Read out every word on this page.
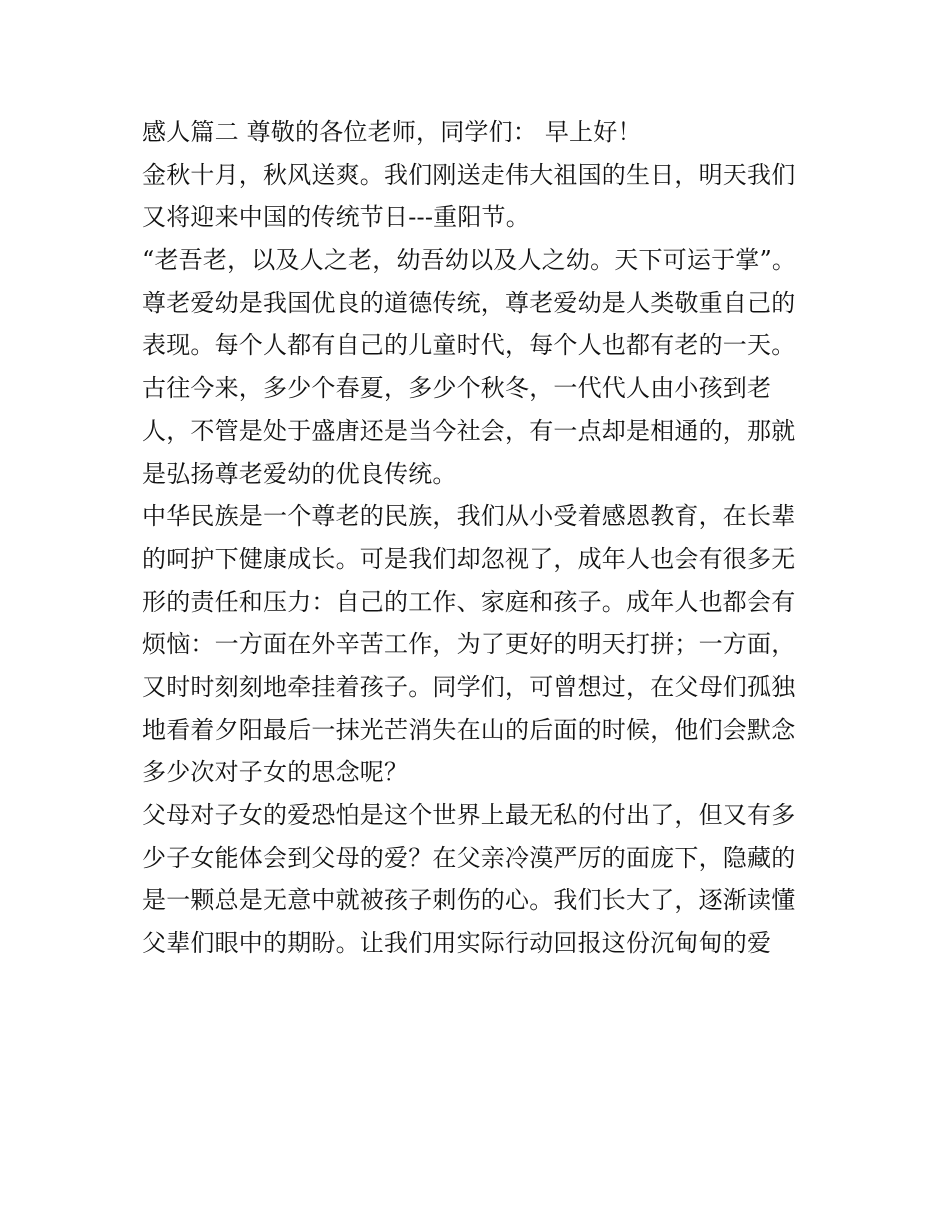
感人篇二 尊敬的各位老师，同学们： 早上好！
金秋十月，秋风送爽。我们刚送走伟大祖国的生日，明天我们
又将迎来中国的传统节日---重阳节。
“老吾老，以及人之老，幼吾幼以及人之幼。天下可运于掌”。
尊老爱幼是我国优良的道德传统，尊老爱幼是人类敬重自己的
表现。每个人都有自己的儿童时代，每个人也都有老的一天。
古往今来，多少个春夏，多少个秋冬，一代代人由小孩到老
人，不管是处于盛唐还是当今社会，有一点却是相通的，那就
是弘扬尊老爱幼的优良传统。
中华民族是一个尊老的民族，我们从小受着感恩教育，在长辈
的呵护下健康成长。可是我们却忽视了，成年人也会有很多无
形的责任和压力：自己的工作、家庭和孩子。成年人也都会有
烦恼：一方面在外辛苦工作，为了更好的明天打拼；一方面，
又时时刻刻地牵挂着孩子。同学们，可曾想过，在父母们孤独
地看着夕阳最后一抹光芒消失在山的后面的时候，他们会默念
多少次对子女的思念呢？
父母对子女的爱恐怕是这个世界上最无私的付出了，但又有多
少子女能体会到父母的爱？在父亲冷漠严厉的面庞下，隐藏的
是一颗总是无意中就被孩子刺伤的心。我们长大了，逐渐读懂
父辈们眼中的期盼。让我们用实际行动回报这份沉甸甸的爱
